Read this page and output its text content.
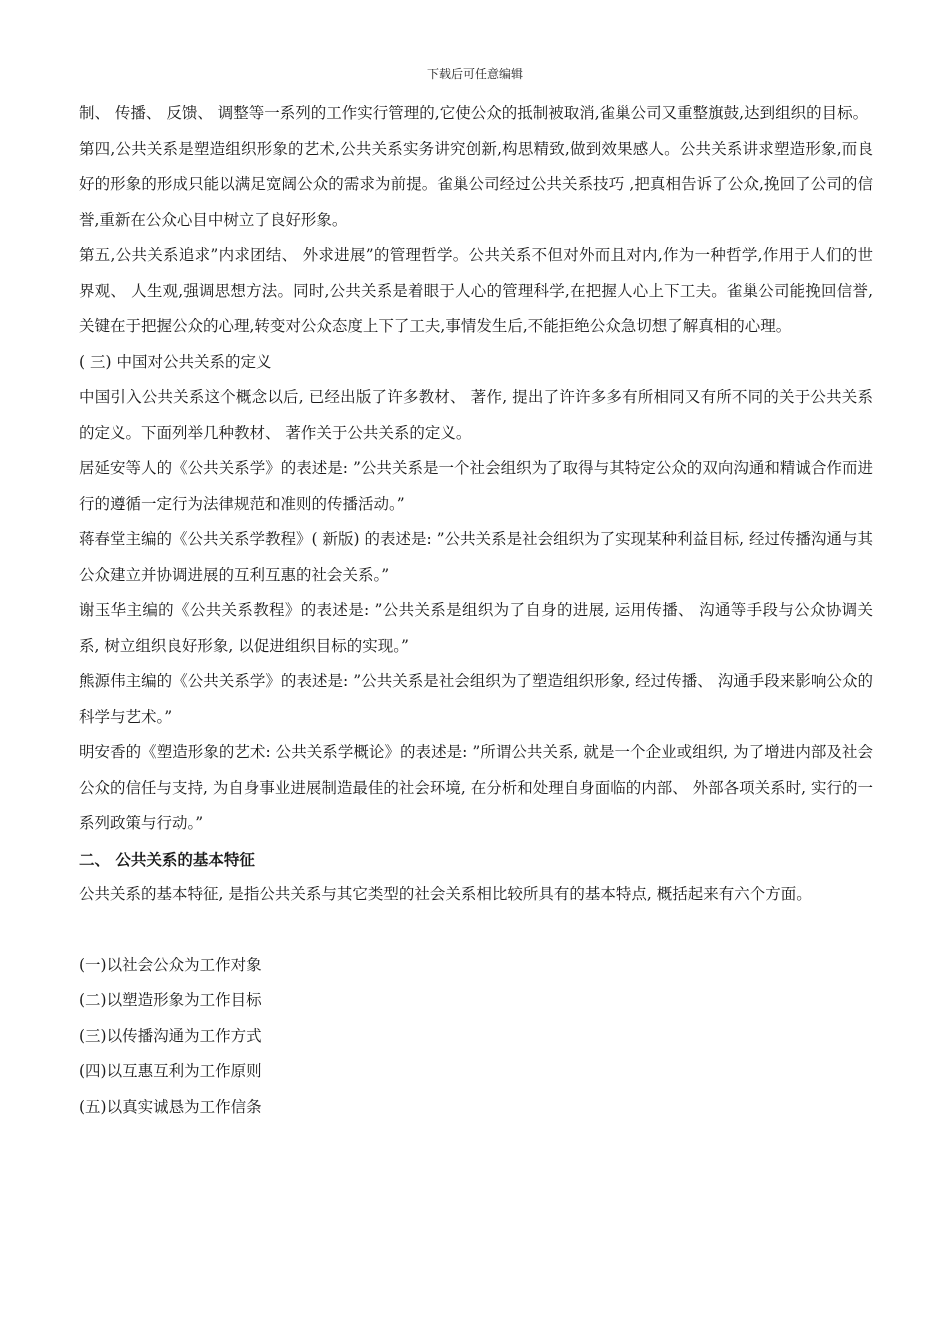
下载后可任意编辑

制、 传播、 反馈、 调整等一系列的工作实行管理的,它使公众的抵制被取消,雀巢公司又重整旗鼓,达到组织的目标。

第四,公共关系是塑造组织形象的艺术,公共关系实务讲究创新,构思精致,做到效果感人。公共关系讲求塑造形象,而良好的形象的形成只能以满足宽阔公众的需求为前提。雀巢公司经过公共关系技巧 ,把真相告诉了公众,挽回了公司的信誉,重新在公众心目中树立了良好形象。

第五,公共关系追求”内求团结、 外求进展”的管理哲学。公共关系不但对外而且对内,作为一种哲学,作用于人们的世界观、 人生观,强调思想方法。同时,公共关系是着眼于人心的管理科学,在把握人心上下工夫。雀巢公司能挽回信誉,关键在于把握公众的心理,转变对公众态度上下了工夫,事情发生后,不能拒绝公众急切想了解真相的心理。

( 三) 中国对公共关系的定义

中国引入公共关系这个概念以后, 已经出版了许多教材、 著作, 提出了许许多多有所相同又有所不同的关于公共关系的定义。下面列举几种教材、 著作关于公共关系的定义。

居延安等人的《公共关系学》的表述是: ”公共关系是一个社会组织为了取得与其特定公众的双向沟通和精诚合作而进行的遵循一定行为法律规范和准则的传播活动。”

蒋春堂主编的《公共关系学教程》( 新版) 的表述是: ”公共关系是社会组织为了实现某种利益目标, 经过传播沟通与其公众建立并协调进展的互利互惠的社会关系。”

谢玉华主编的《公共关系教程》的表述是: ”公共关系是组织为了自身的进展, 运用传播、 沟通等手段与公众协调关系, 树立组织良好形象, 以促进组织目标的实现。”

熊源伟主编的《公共关系学》的表述是: ”公共关系是社会组织为了塑造组织形象, 经过传播、 沟通手段来影响公众的科学与艺术。”

明安香的《塑造形象的艺术: 公共关系学概论》的表述是: ”所谓公共关系, 就是一个企业或组织, 为了增进内部及社会公众的信任与支持, 为自身事业进展制造最佳的社会环境, 在分析和处理自身面临的内部、 外部各项关系时, 实行的一系列政策与行动。”

二、 公共关系的基本特征

公共关系的基本特征, 是指公共关系与其它类型的社会关系相比较所具有的基本特点, 概括起来有六个方面。

(一)以社会公众为工作对象

(二)以塑造形象为工作目标

(三)以传播沟通为工作方式

(四)以互惠互利为工作原则

(五)以真实诚恳为工作信条
